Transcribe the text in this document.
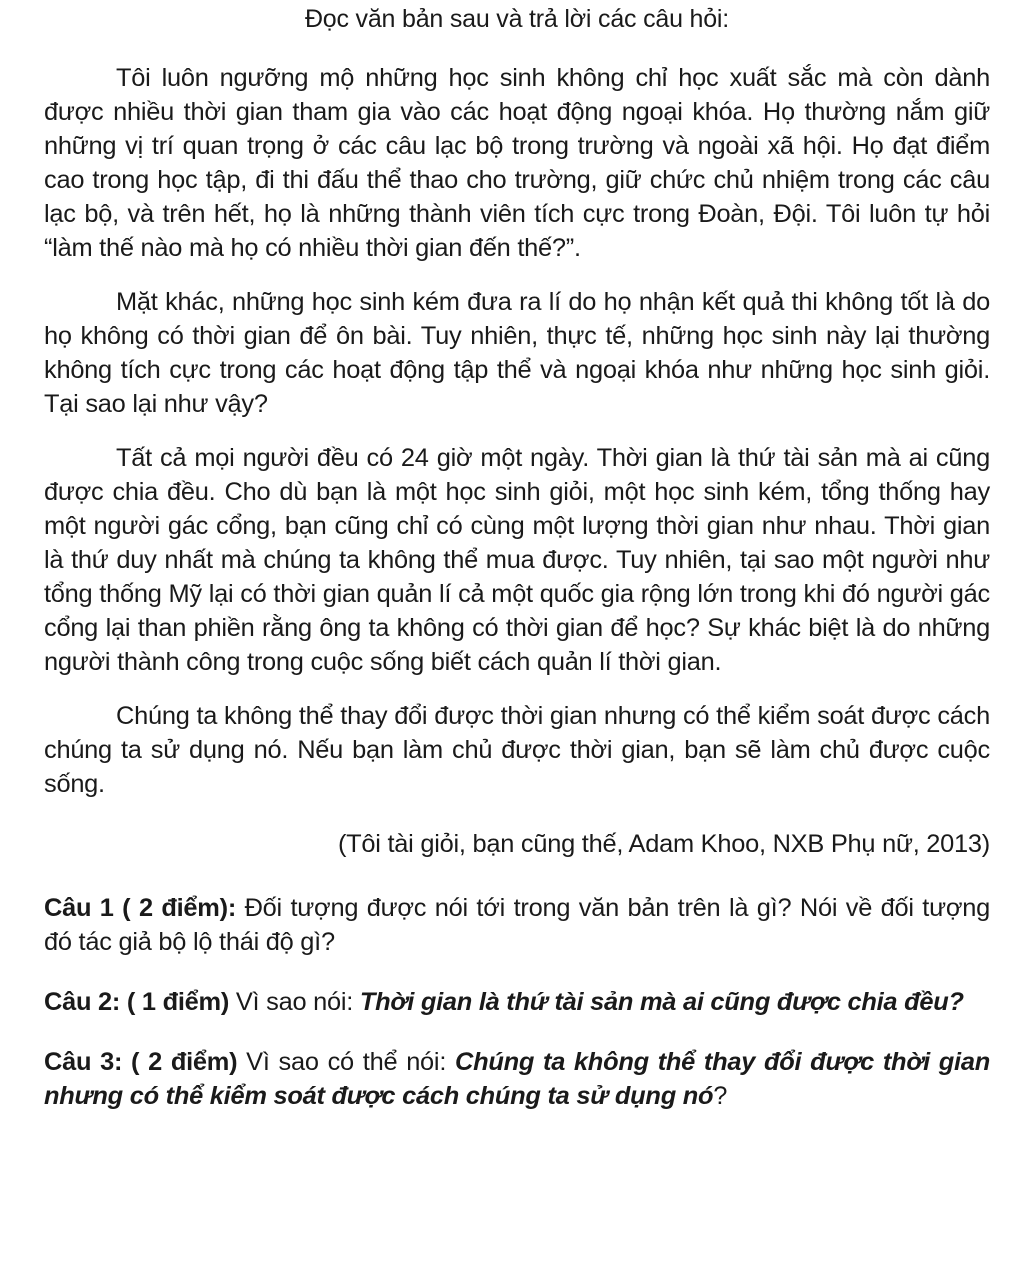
Đọc văn bản sau và trả lời các câu hỏi:

Tôi luôn ngưỡng mộ những học sinh không chỉ học xuất sắc mà còn dành được nhiều thời gian tham gia vào các hoạt động ngoại khóa. Họ thường nắm giữ những vị trí quan trọng ở các câu lạc bộ trong trường và ngoài xã hội. Họ đạt điểm cao trong học tập, đi thi đấu thể thao cho trường, giữ chức chủ nhiệm trong các câu lạc bộ, và trên hết, họ là những thành viên tích cực trong Đoàn, Đội. Tôi luôn tự hỏi “làm thế nào mà họ có nhiều thời gian đến thế?”.

Mặt khác, những học sinh kém đưa ra lí do họ nhận kết quả thi không tốt là do họ không có thời gian để ôn bài. Tuy nhiên, thực tế, những học sinh này lại thường không tích cực trong các hoạt động tập thể và ngoại khóa như những học sinh giỏi. Tại sao lại như vậy?

Tất cả mọi người đều có 24 giờ một ngày. Thời gian là thứ tài sản mà ai cũng được chia đều. Cho dù bạn là một học sinh giỏi, một học sinh kém, tổng thống hay một người gác cổng, bạn cũng chỉ có cùng một lượng thời gian như nhau. Thời gian là thứ duy nhất mà chúng ta không thể mua được. Tuy nhiên, tại sao một người như tổng thống Mỹ lại có thời gian quản lí cả một quốc gia rộng lớn trong khi đó người gác cổng lại than phiền rằng ông ta không có thời gian để học? Sự khác biệt là do những người thành công trong cuộc sống biết cách quản lí thời gian.

Chúng ta không thể thay đổi được thời gian nhưng có thể kiểm soát được cách chúng ta sử dụng nó. Nếu bạn làm chủ được thời gian, bạn sẽ làm chủ được cuộc sống.

(Tôi tài giỏi, bạn cũng thế, Adam Khoo, NXB Phụ nữ, 2013)

Câu 1 ( 2 điểm): Đối tượng được nói tới trong văn bản trên là gì? Nói về đối tượng đó tác giả bộ lộ thái độ gì?

Câu 2: ( 1 điểm) Vì sao nói: Thời gian là thứ tài sản mà ai cũng được chia đều?

Câu 3: ( 2 điểm) Vì sao có thể nói: Chúng ta không thể thay đổi được thời gian nhưng có thể kiểm soát được cách chúng ta sử dụng nó?
